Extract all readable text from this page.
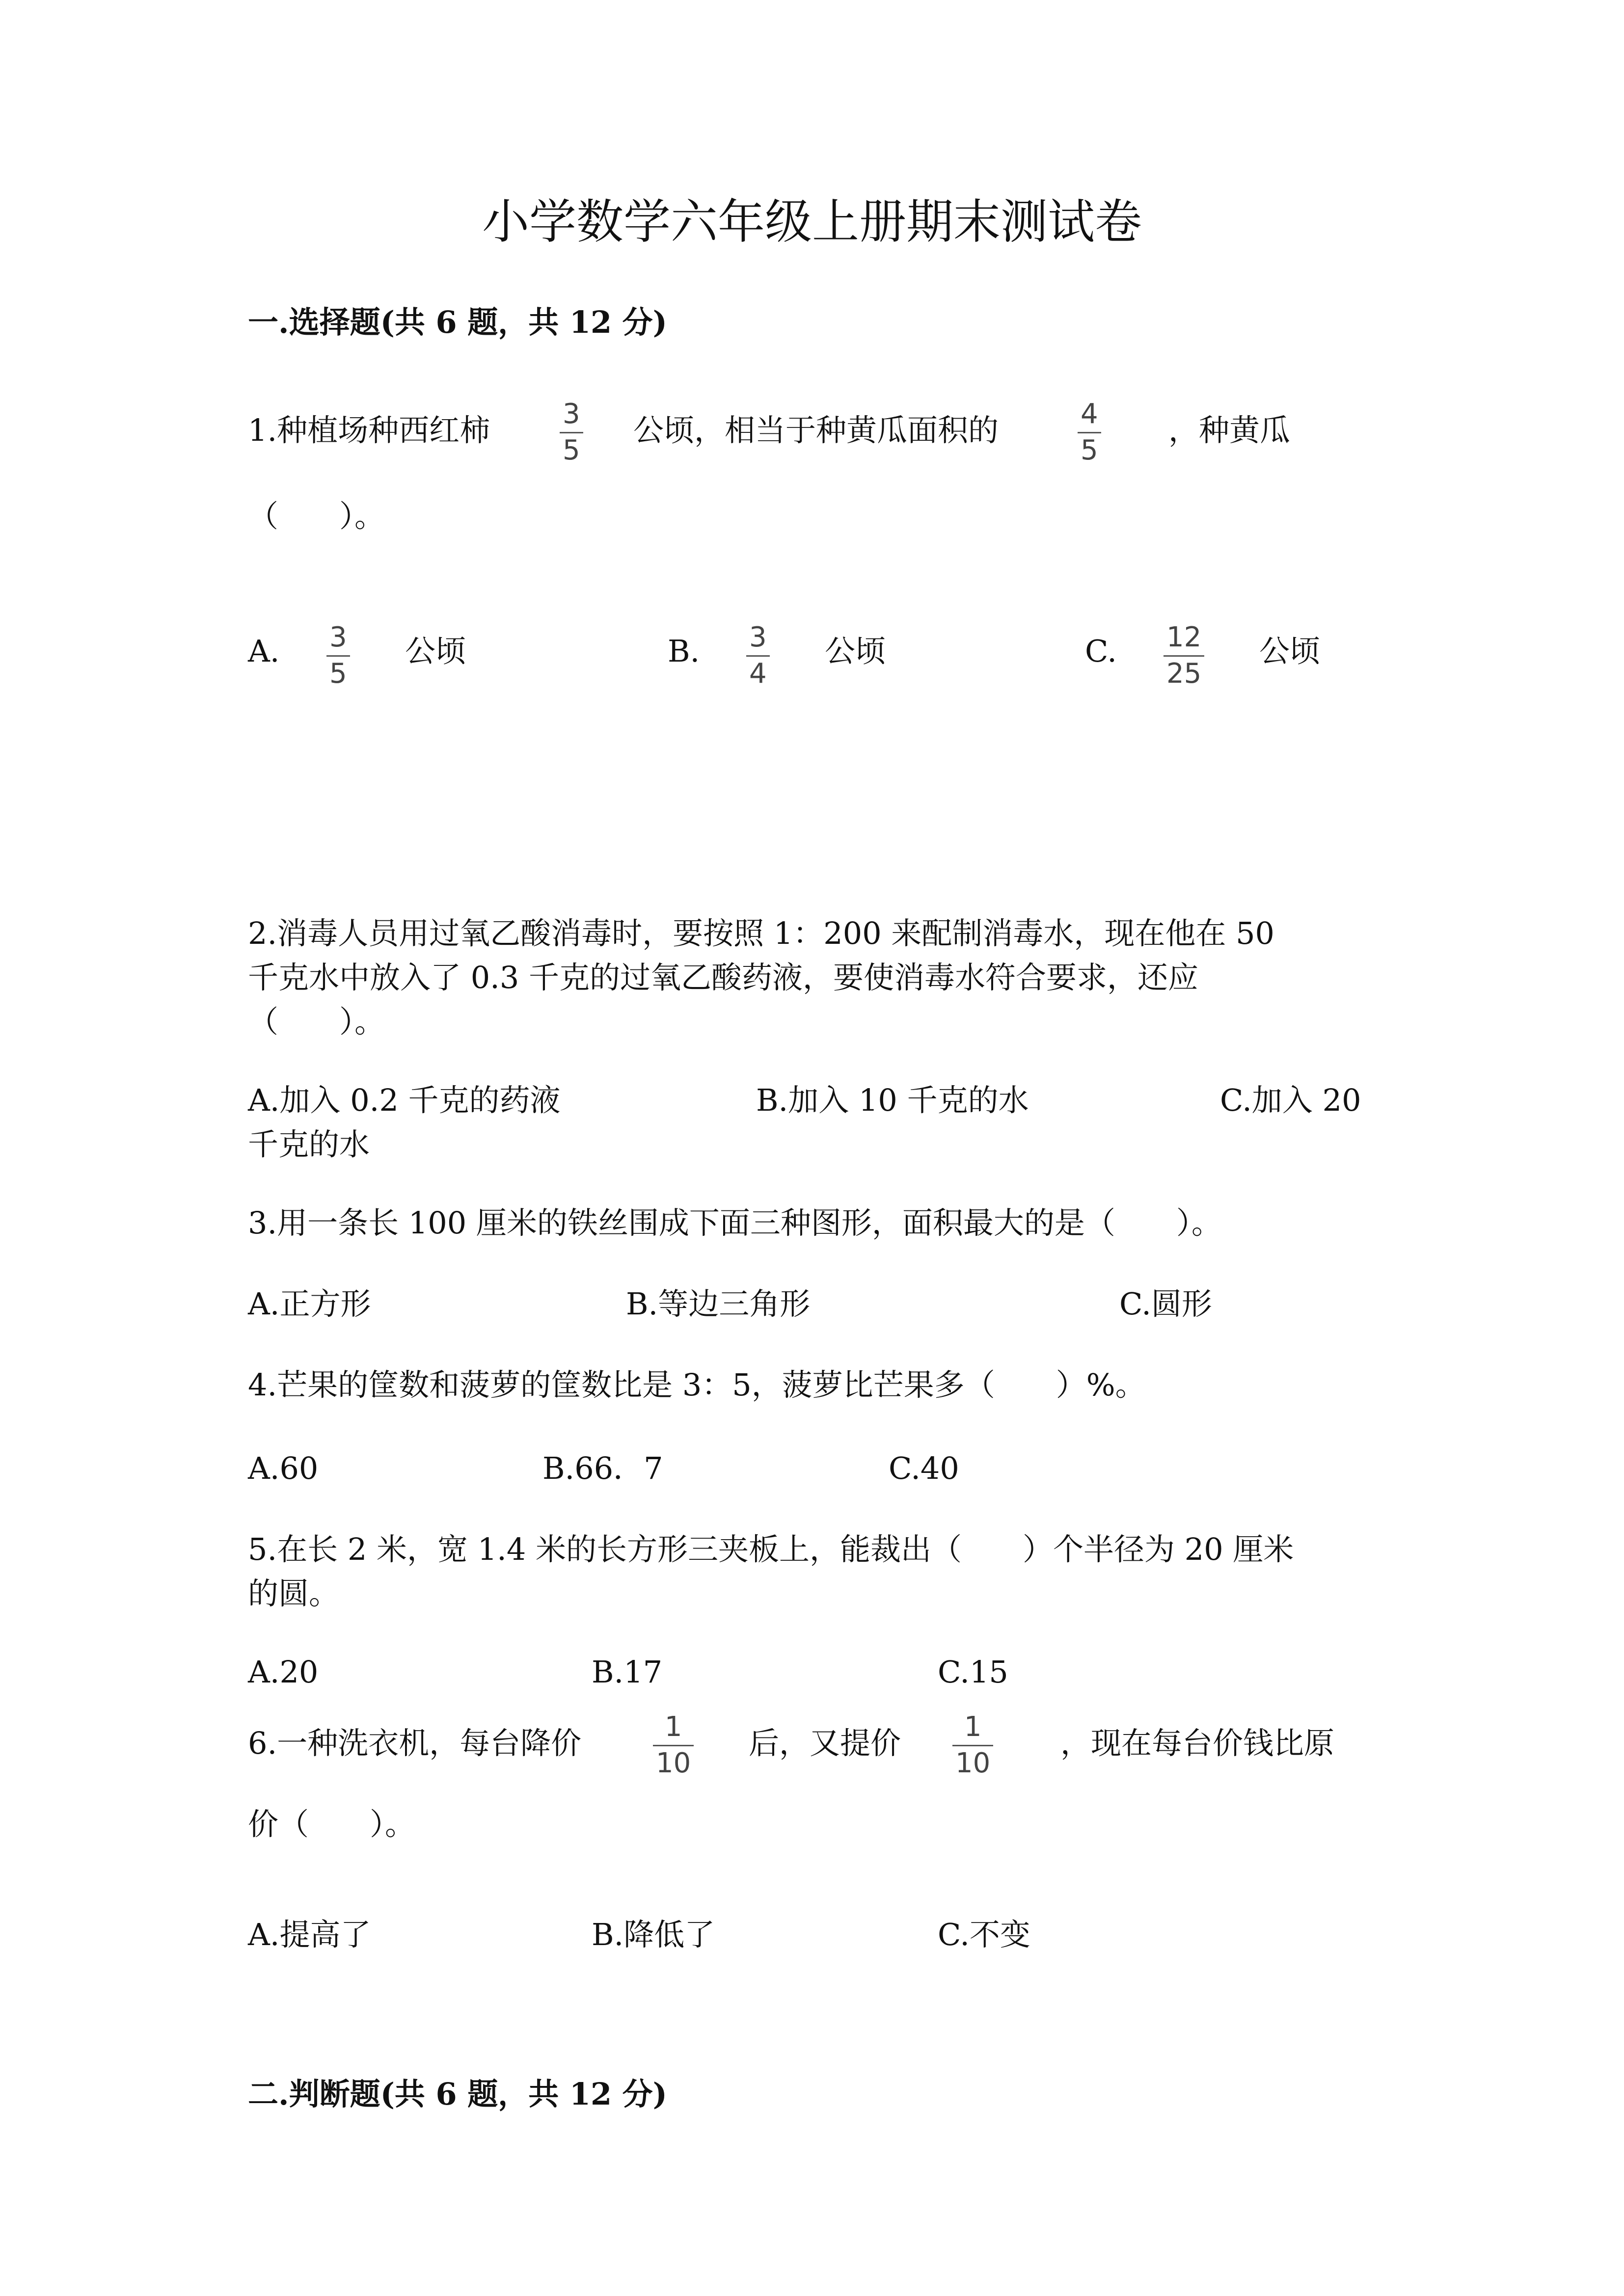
小学数学六年级上册期末测试卷
一.选择题(共 6 题，共 12 分)
1.种植场种西红柿	3
5
公顷，相当于种黄瓜面积的	4
5
，种黄瓜
（　　）。
A. 3
5
公顷	B. 3
4
公顷	C. 12
25
公顷
2.消毒人员用过氧乙酸消毒时，要按照 1：200 来配制消毒水，现在他在 50
千克水中放入了 0.3 千克的过氧乙酸药液，要使消毒水符合要求，还应
（　　）。
A.加入 0.2 千克的药液	B.加入 10 千克的水	C.加入 20
千克的水
3.用一条长 100 厘米的铁丝围成下面三种图形，面积最大的是（　　）。
A.正方形	B.等边三角形	C.圆形
4.芒果的筐数和菠萝的筐数比是 3：5，菠萝比芒果多（　　）%。
A.60	B.66．7	C.40
5.在长 2 米，宽 1.4 米的长方形三夹板上，能裁出（　　）个半径为 20 厘米
的圆。
A.20	B.17	C.15
6.一种洗衣机，每台降价	1
10
后，又提价 1
10
，现在每台价钱比原
价（　　）。
A.提高了	B.降低了	C.不变
二.判断题(共 6 题，共 12 分)
